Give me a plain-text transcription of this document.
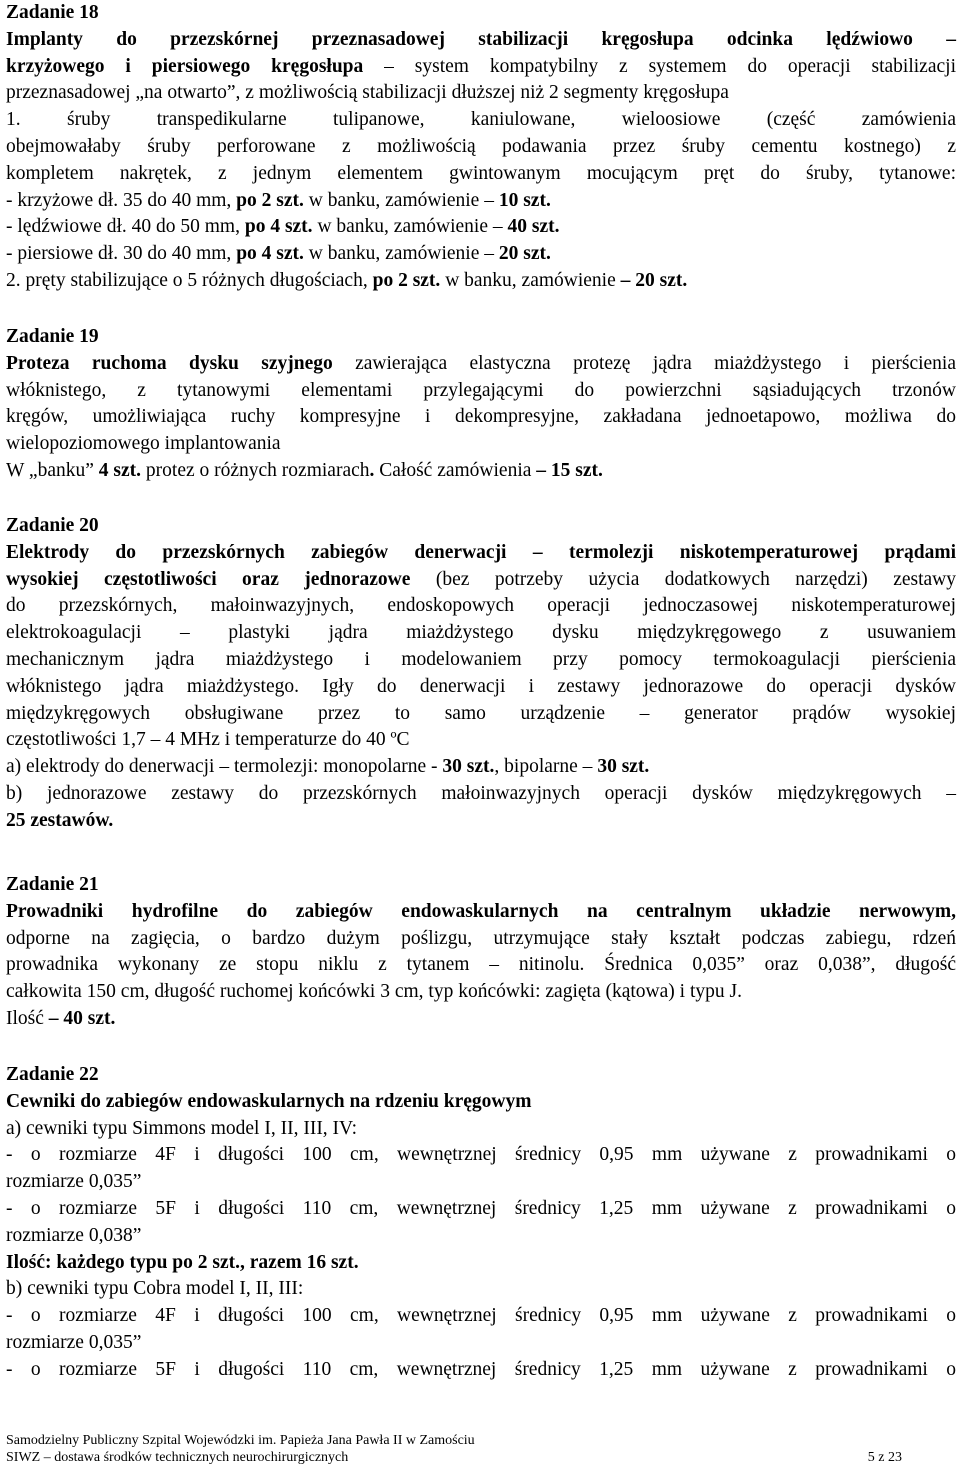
Zadanie 18
Implanty do przezskórnej przeznasadowej stabilizacji kręgosłupa odcinka lędźwiowo –
krzyżowego i piersiowego kręgosłupa – system kompatybilny z systemem do operacji stabilizacji
przeznasadowej „na otwarto”, z możliwością stabilizacji dłuższej niż 2 segmenty kręgosłupa
1. śruby transpedikularne tulipanowe, kaniulowane, wieloosiowe (część zamówienia
obejmowałaby śruby perforowane z możliwością podawania przez śruby cementu kostnego) z
kompletem nakrętek, z jednym elementem gwintowanym mocującym pręt do śruby, tytanowe:
- krzyżowe dł. 35 do 40 mm, po 2 szt. w banku, zamówienie – 10 szt.
- lędźwiowe dł. 40 do 50 mm, po 4 szt. w banku, zamówienie – 40 szt.
- piersiowe dł. 30 do 40 mm, po 4 szt. w banku, zamówienie – 20 szt.
2. pręty stabilizujące o 5 różnych długościach, po 2 szt. w banku, zamówienie – 20 szt.
Zadanie 19
Proteza ruchoma dysku szyjnego zawierająca elastyczna protezę jądra miażdżystego i pierścienia
włóknistego, z tytanowymi elementami przylegającymi do powierzchni sąsiadujących trzonów
kręgów, umożliwiająca ruchy kompresyjne i dekompresyjne, zakładana jednoetapowo, możliwa do
wielopoziomowego implantowania
W „banku” 4 szt. protez o różnych rozmiarach. Całość zamówienia – 15 szt.
Zadanie 20
Elektrody do przezskórnych zabiegów denerwacji – termolezji niskotemperaturowej prądami
wysokiej częstotliwości oraz jednorazowe (bez potrzeby użycia dodatkowych narzędzi) zestawy
do przezskórnych, małoinwazyjnych, endoskopowych operacji jednoczasowej niskotemperaturowej
elektrokoagulacji – plastyki jądra miażdżystego dysku międzykręgowego z usuwaniem
mechanicznym jądra miażdżystego i modelowaniem przy pomocy termokoagulacji pierścienia
włóknistego jądra miażdżystego. Igły do denerwacji i zestawy jednorazowe do operacji dysków
międzykręgowych obsługiwane przez to samo urządzenie – generator prądów wysokiej
częstotliwości 1,7 – 4 MHz i temperaturze do 40 ºC
a) elektrody do denerwacji – termolezji: monopolarne - 30 szt., bipolarne – 30 szt.
b) jednorazowe zestawy do przezskórnych małoinwazyjnych operacji dysków międzykręgowych –
25 zestawów.
Zadanie 21
Prowadniki hydrofilne do zabiegów endowaskularnych na centralnym układzie nerwowym,
odporne na zagięcia, o bardzo dużym poślizgu, utrzymujące stały kształt podczas zabiegu, rdzeń
prowadnika wykonany ze stopu niklu z tytanem – nitinolu. Średnica 0,035” oraz 0,038”, długość
całkowita 150 cm, długość ruchomej końcówki 3 cm, typ końcówki: zagięta (kątowa) i typu J.
Ilość – 40 szt.
Zadanie 22
Cewniki do zabiegów endowaskularnych na rdzeniu kręgowym
a) cewniki typu Simmons model I, II, III, IV:
- o rozmiarze 4F i długości 100 cm, wewnętrznej średnicy 0,95 mm używane z prowadnikami o
rozmiarze 0,035”
- o rozmiarze 5F i długości 110 cm, wewnętrznej średnicy 1,25 mm używane z prowadnikami o
rozmiarze 0,038”
Ilość: każdego typu po 2 szt., razem 16 szt.
b) cewniki typu Cobra model I, II, III:
- o rozmiarze 4F i długości 100 cm, wewnętrznej średnicy 0,95 mm używane z prowadnikami o
rozmiarze 0,035”
- o rozmiarze 5F i długości 110 cm, wewnętrznej średnicy 1,25 mm używane z prowadnikami o
Samodzielny Publiczny Szpital Wojewódzki im. Papieża Jana Pawła II w Zamościu
SIWZ – dostawa środków technicznych neurochirurgicznych	5 z 23
